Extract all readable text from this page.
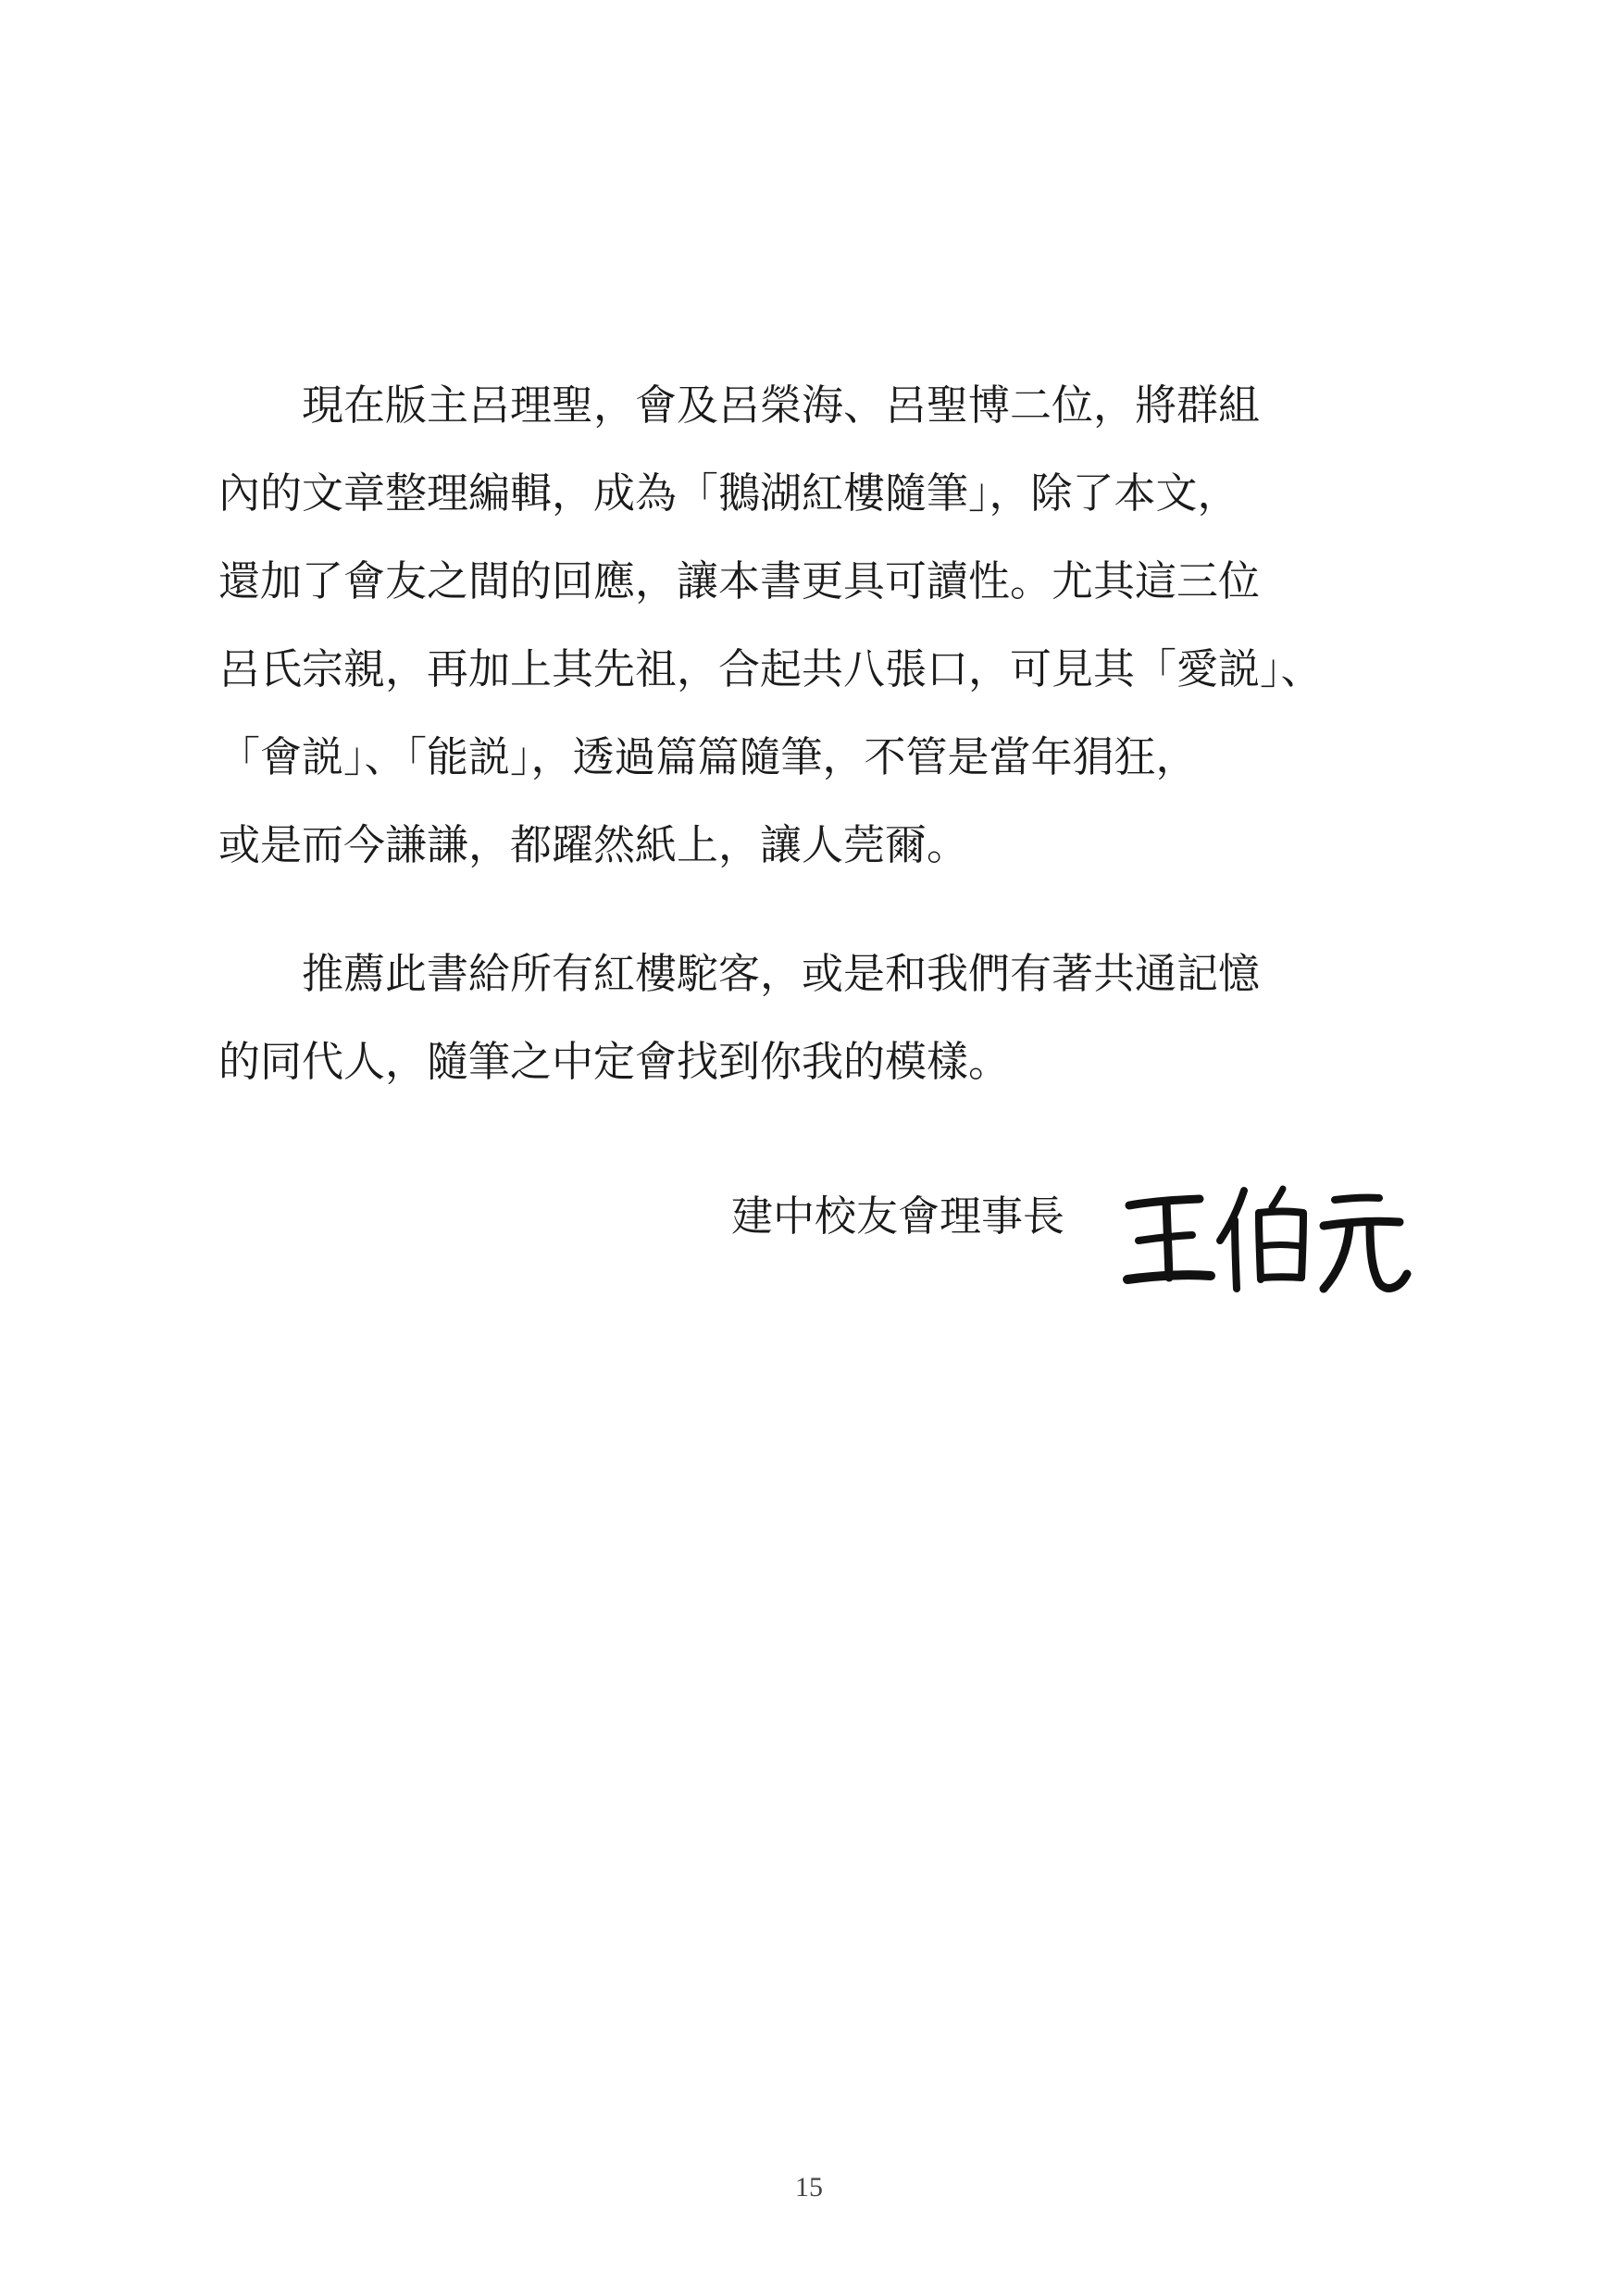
　　現在版主呂理聖，會及呂榮海、呂聖博二位，將群組
內的文章整理編輯，成為「鵝湖紅樓隨筆」，除了本文，
還加了會友之間的回應，讓本書更具可讀性。尤其這三位
呂氏宗親，再加上其先祖，合起共八張口，可見其「愛説」、
「會説」、「能説」，透過篇篇隨筆，不管是當年狷狂，
或是而今謙謙，都躍然紙上，讓人莞爾。
　　推薦此書給所有紅樓駝客，或是和我們有著共通記憶
的同代人，隨筆之中定會找到你我的模樣。
建中校友會理事長
15
